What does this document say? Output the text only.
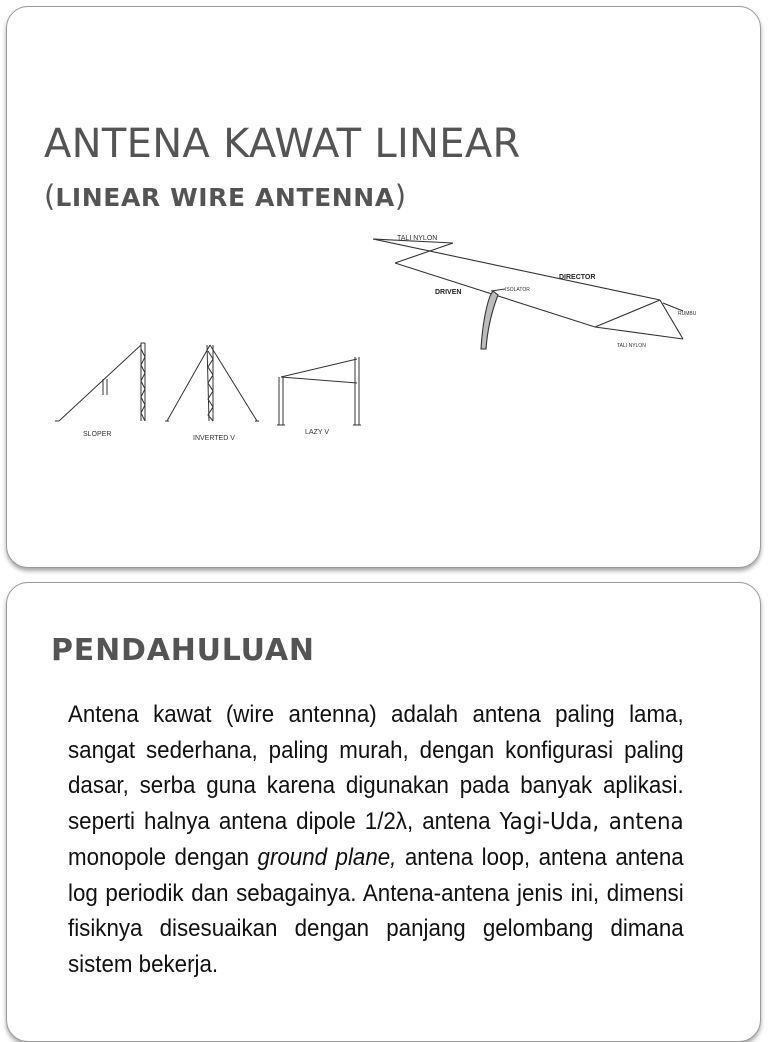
ANTENA KAWAT LINEAR
(LINEAR WIRE ANTENNA)
TALI NYLON
DIRECTOR
DRIVEN	ISOLATOR
RUMBU
TALI NYLON
SLOPER
INVERTED V
LAZY V
PENDAHULUAN
Antena kawat (wire antenna) adalah antena paling lama, sangat sederhana, paling murah, dengan konfigurasi paling dasar, serba guna karena digunakan pada banyak aplikasi. seperti halnya antena dipole 1/2λ, antena Yagi-Uda, antena monopole dengan ground plane, antena loop, antena antena log periodik dan sebagainya. Antena-antena jenis ini, dimensi fisiknya disesuaikan dengan panjang gelombang dimana sistem bekerja.
